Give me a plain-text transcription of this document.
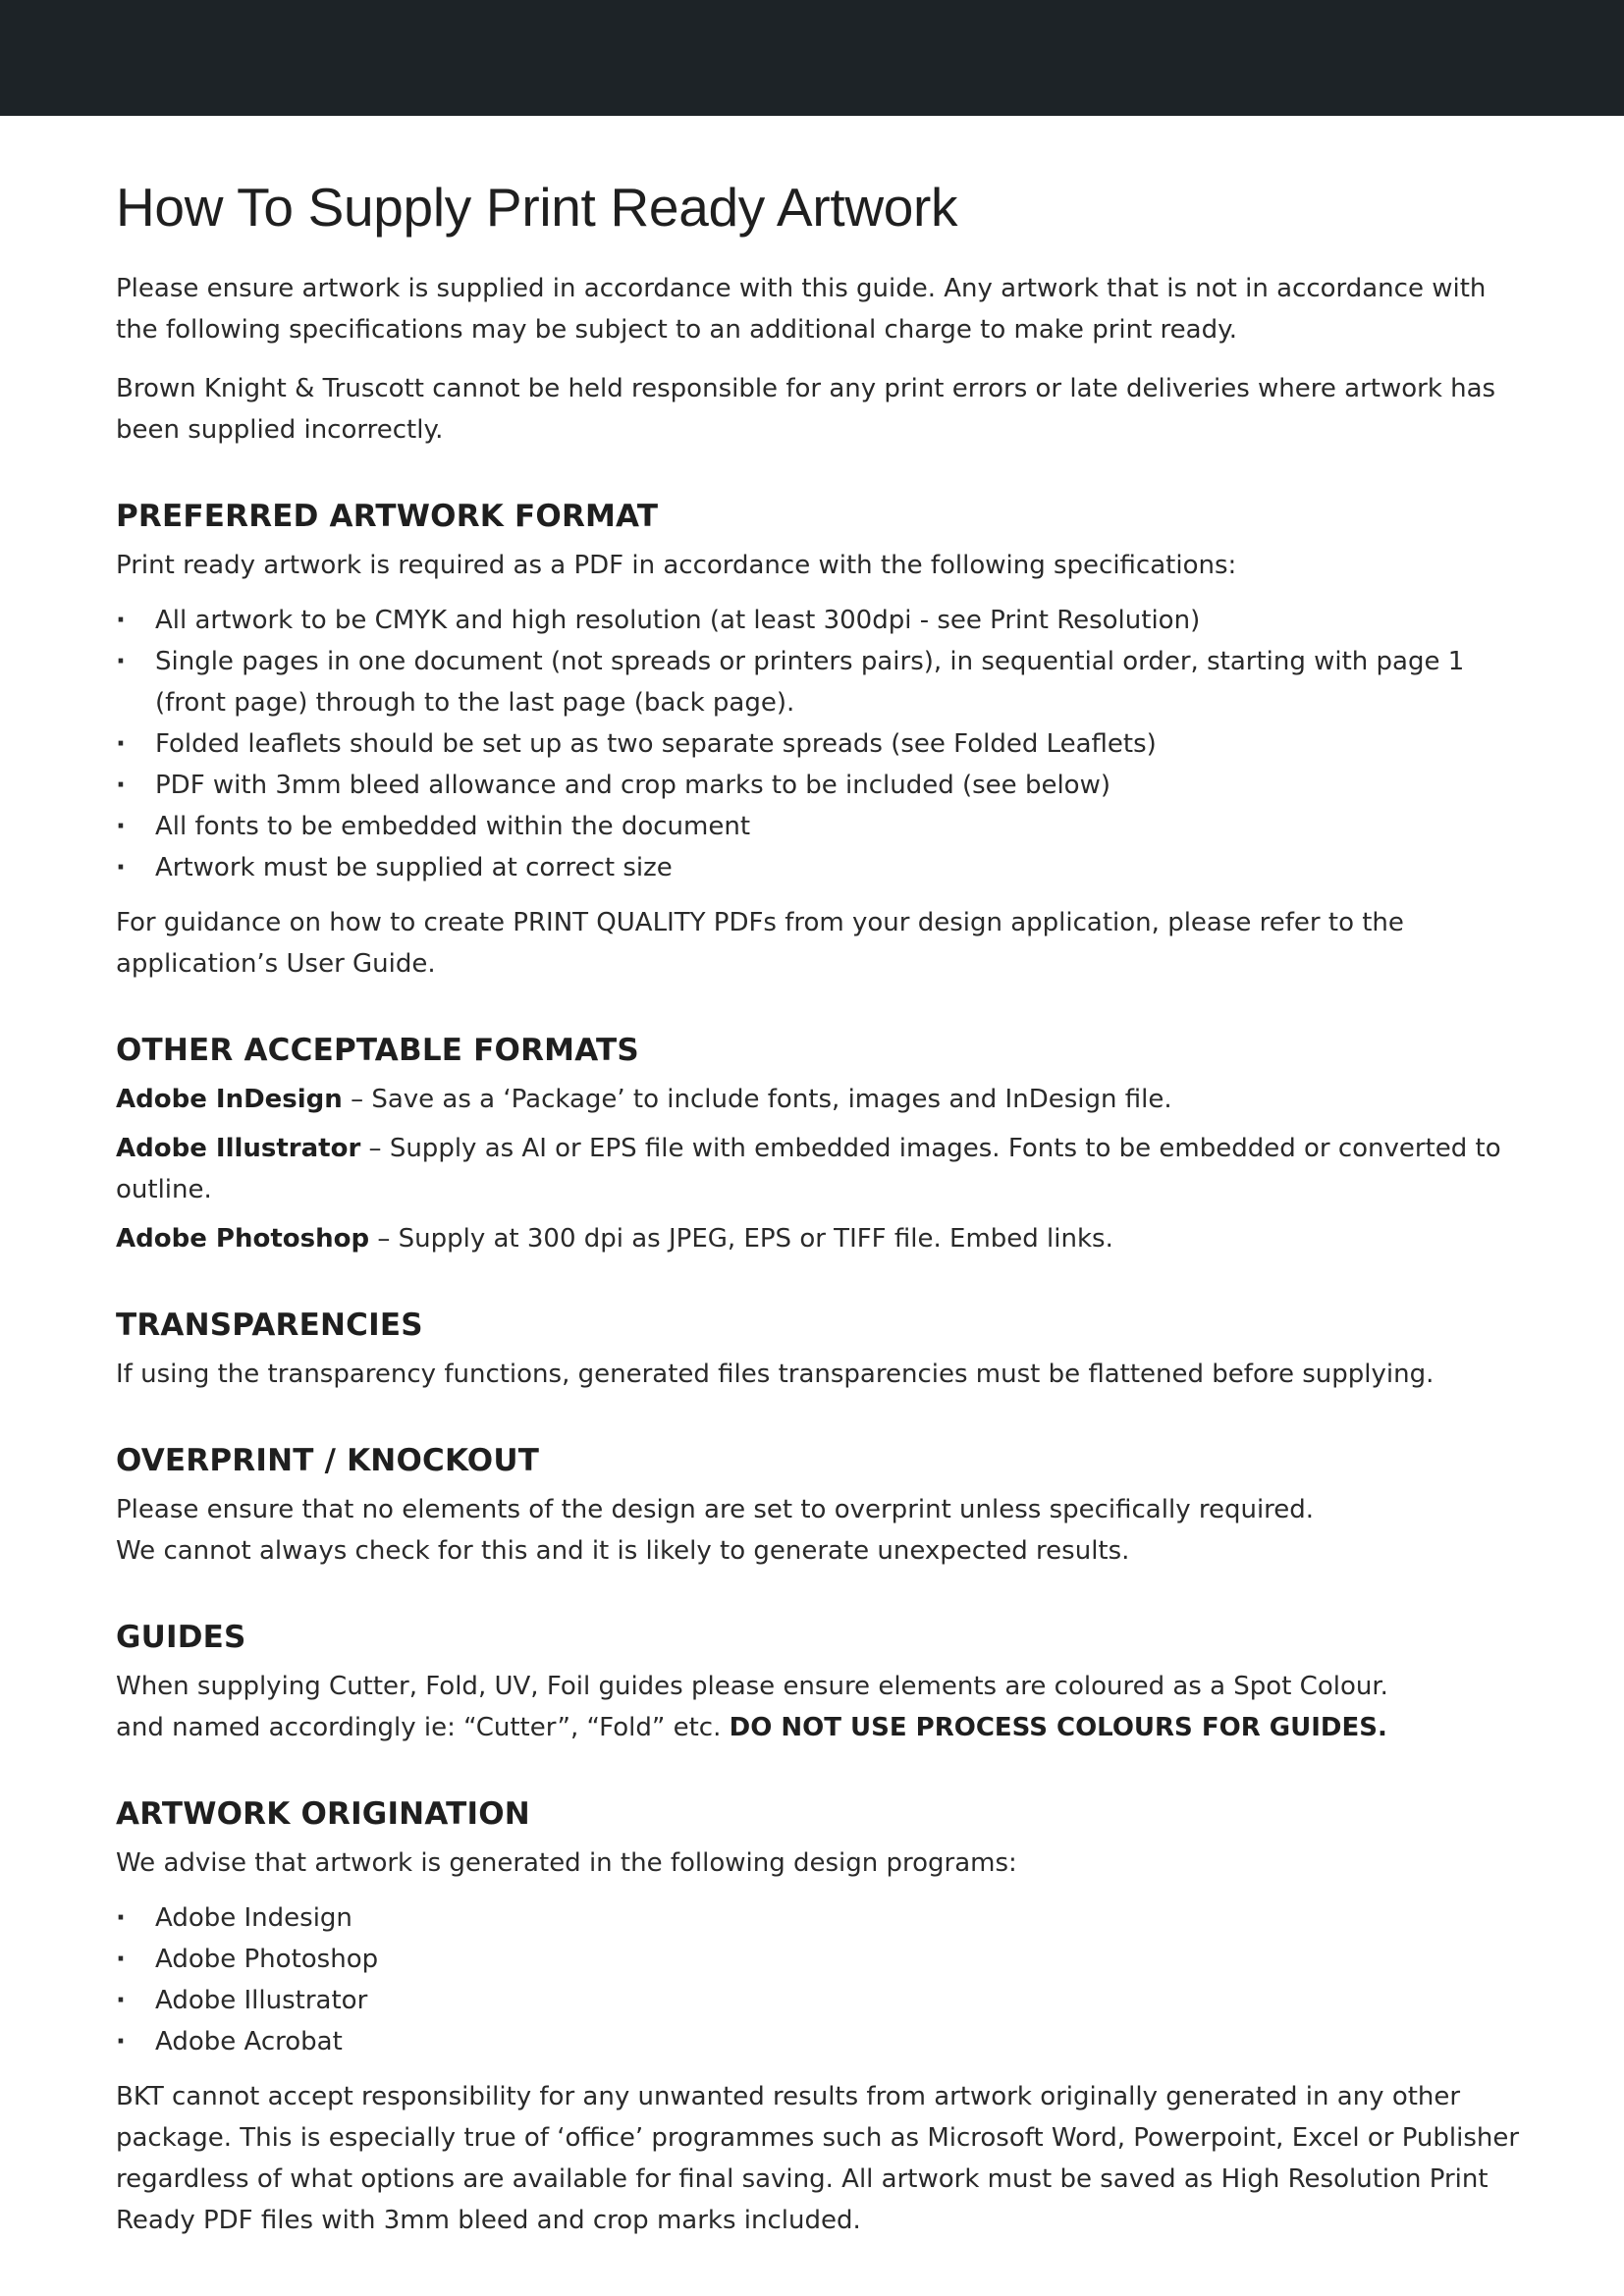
How To Supply Print Ready Artwork

Please ensure artwork is supplied in accordance with this guide. Any artwork that is not in accordance with the following specifications may be subject to an additional charge to make print ready.

Brown Knight & Truscott cannot be held responsible for any print errors or late deliveries where artwork has been supplied incorrectly.

PREFERRED ARTWORK FORMAT

Print ready artwork is required as a PDF in accordance with the following specifications:

· All artwork to be CMYK and high resolution (at least 300dpi - see Print Resolution)
· Single pages in one document (not spreads or printers pairs), in sequential order, starting with page 1 (front page) through to the last page (back page).
· Folded leaflets should be set up as two separate spreads (see Folded Leaflets)
· PDF with 3mm bleed allowance and crop marks to be included (see below)
· All fonts to be embedded within the document
· Artwork must be supplied at correct size

For guidance on how to create PRINT QUALITY PDFs from your design application, please refer to the application’s User Guide.

OTHER ACCEPTABLE FORMATS

Adobe InDesign – Save as a ‘Package’ to include fonts, images and InDesign file.

Adobe Illustrator – Supply as AI or EPS file with embedded images. Fonts to be embedded or converted to outline.

Adobe Photoshop – Supply at 300 dpi as JPEG, EPS or TIFF file. Embed links.

TRANSPARENCIES

If using the transparency functions, generated files transparencies must be flattened before supplying.

OVERPRINT / KNOCKOUT

Please ensure that no elements of the design are set to overprint unless specifically required.

We cannot always check for this and it is likely to generate unexpected results.

GUIDES

When supplying Cutter, Fold, UV, Foil guides please ensure elements are coloured as a Spot Colour.

and named accordingly ie: “Cutter”, “Fold” etc. DO NOT USE PROCESS COLOURS FOR GUIDES.

ARTWORK ORIGINATION

We advise that artwork is generated in the following design programs:

· Adobe Indesign
· Adobe Photoshop
· Adobe Illustrator
· Adobe Acrobat

BKT cannot accept responsibility for any unwanted results from artwork originally generated in any other package. This is especially true of ‘office’ programmes such as Microsoft Word, Powerpoint, Excel or Publisher regardless of what options are available for final saving. All artwork must be saved as High Resolution Print Ready PDF files with 3mm bleed and crop marks included.
